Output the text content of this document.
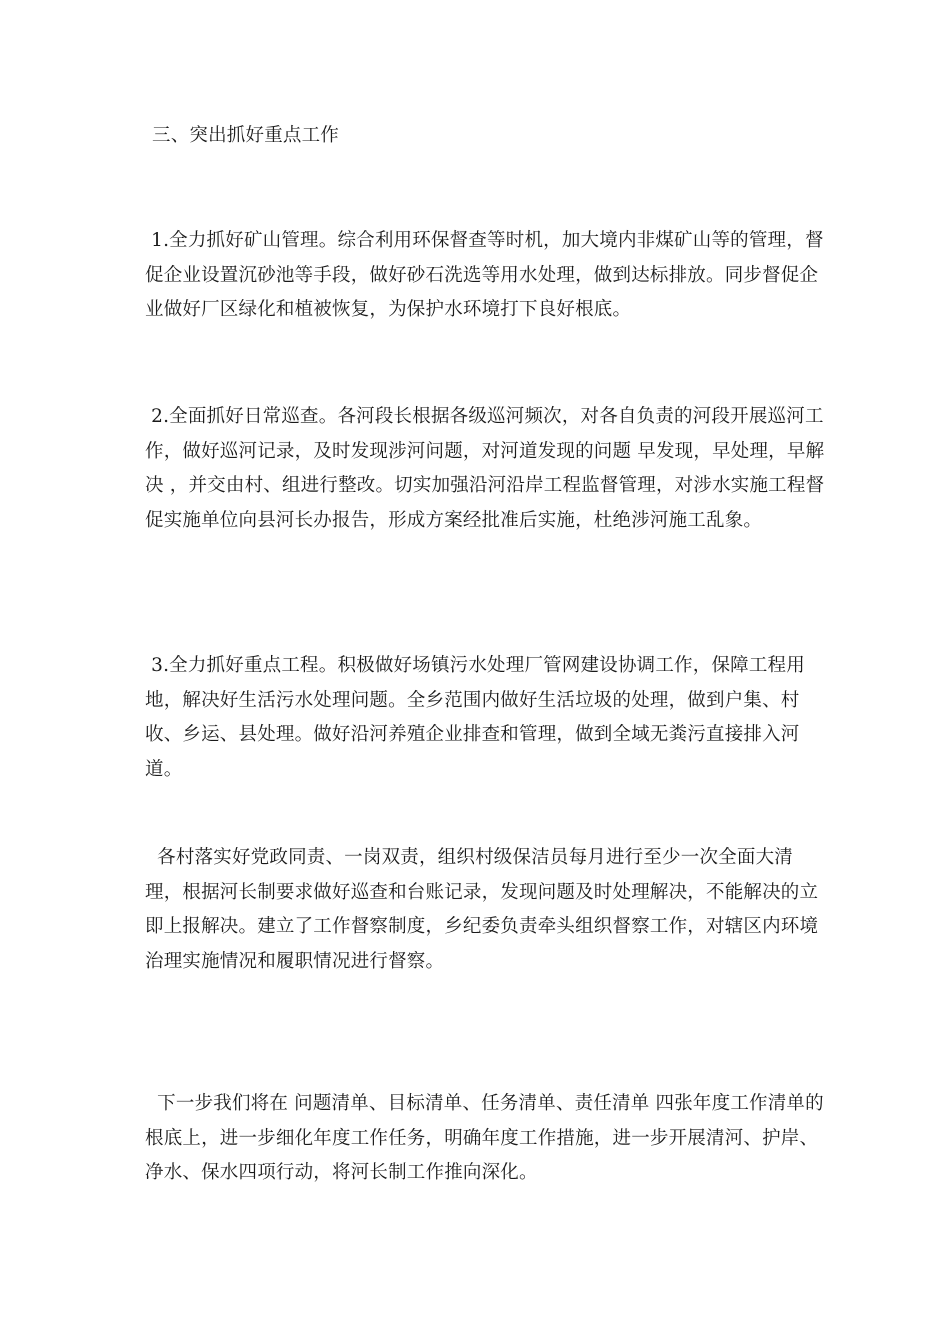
三、突出抓好重点工作

1.全力抓好矿山管理。综合利用环保督查等时机，加大境内非煤矿山等的管理，督促企业设置沉砂池等手段，做好砂石洗选等用水处理，做到达标排放。同步督促企业做好厂区绿化和植被恢复，为保护水环境打下良好根底。

2.全面抓好日常巡查。各河段长根据各级巡河频次，对各自负责的河段开展巡河工作，做好巡河记录，及时发现涉河问题，对河道发现的问题 早发现，早处理，早解决 ，并交由村、组进行整改。切实加强沿河沿岸工程监督管理，对涉水实施工程督促实施单位向县河长办报告，形成方案经批准后实施，杜绝涉河施工乱象。

3.全力抓好重点工程。积极做好场镇污水处理厂管网建设协调工作，保障工程用地，解决好生活污水处理问题。全乡范围内做好生活垃圾的处理，做到户集、村收、乡运、县处理。做好沿河养殖企业排查和管理，做到全域无粪污直接排入河道。

各村落实好党政同责、一岗双责，组织村级保洁员每月进行至少一次全面大清理，根据河长制要求做好巡查和台账记录，发现问题及时处理解决，不能解决的立即上报解决。建立了工作督察制度，乡纪委负责牵头组织督察工作，对辖区内环境治理实施情况和履职情况进行督察。

下一步我们将在 问题清单、目标清单、任务清单、责任清单 四张年度工作清单的根底上，进一步细化年度工作任务，明确年度工作措施，进一步开展清河、护岸、净水、保水四项行动，将河长制工作推向深化。
